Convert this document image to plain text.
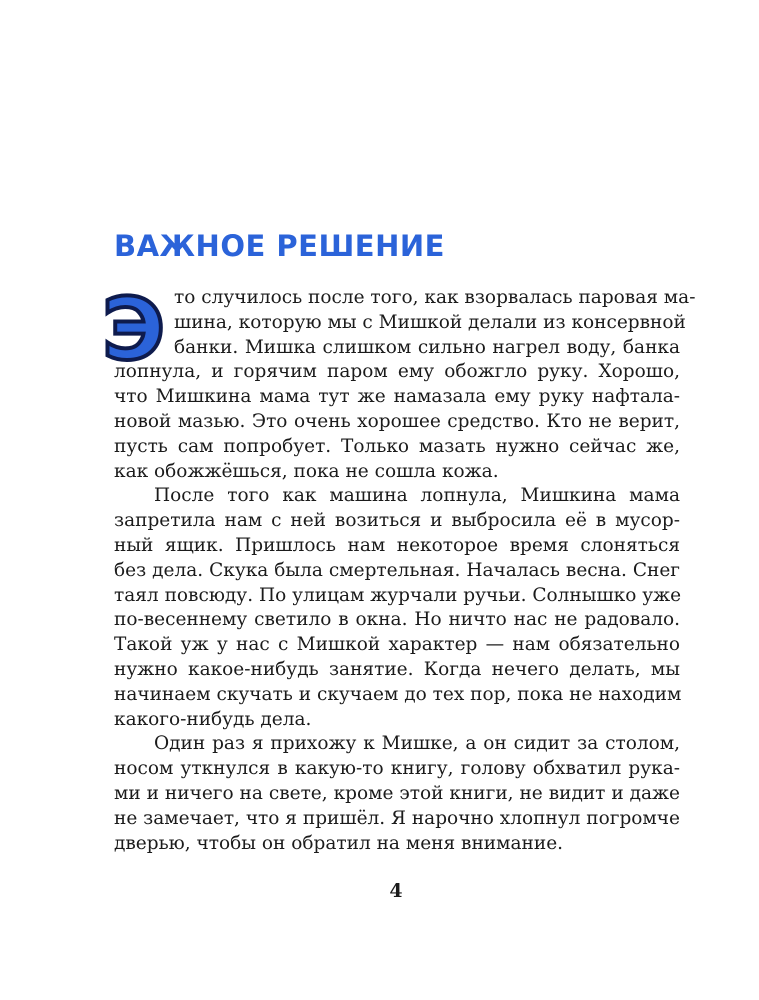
ВАЖНОЕ РЕШЕНИЕ
Э то случилось после того, как взорвалась паровая ма-
шина, которую мы с Мишкой делали из консервной
банки. Мишка слишком сильно нагрел воду, банка
лопнула, и горячим паром ему обожгло руку. Хорошо,
что Мишкина мама тут же намазала ему руку нафтала-
новой мазью. Это очень хорошее средство. Кто не верит,
пусть сам попробует. Только мазать нужно сейчас же,
как обожжёшься, пока не сошла кожа.
После того как машина лопнула, Мишкина мама
запретила нам с ней возиться и выбросила её в мусор-
ный ящик. Пришлось нам некоторое время слоняться
без дела. Скука была смертельная. Началась весна. Снег
таял повсюду. По улицам журчали ручьи. Солнышко уже
по-весеннему светило в окна. Но ничто нас не радовало.
Такой уж у нас с Мишкой характер — нам обязательно
нужно какое-нибудь занятие. Когда нечего делать, мы
начинаем скучать и скучаем до тех пор, пока не находим
какого-нибудь дела.
Один раз я прихожу к Мишке, а он сидит за столом,
носом уткнулся в какую-то книгу, голову обхватил рука-
ми и ничего на свете, кроме этой книги, не видит и даже
не замечает, что я пришёл. Я нарочно хлопнул погромче
дверью, чтобы он обратил на меня внимание.
4
